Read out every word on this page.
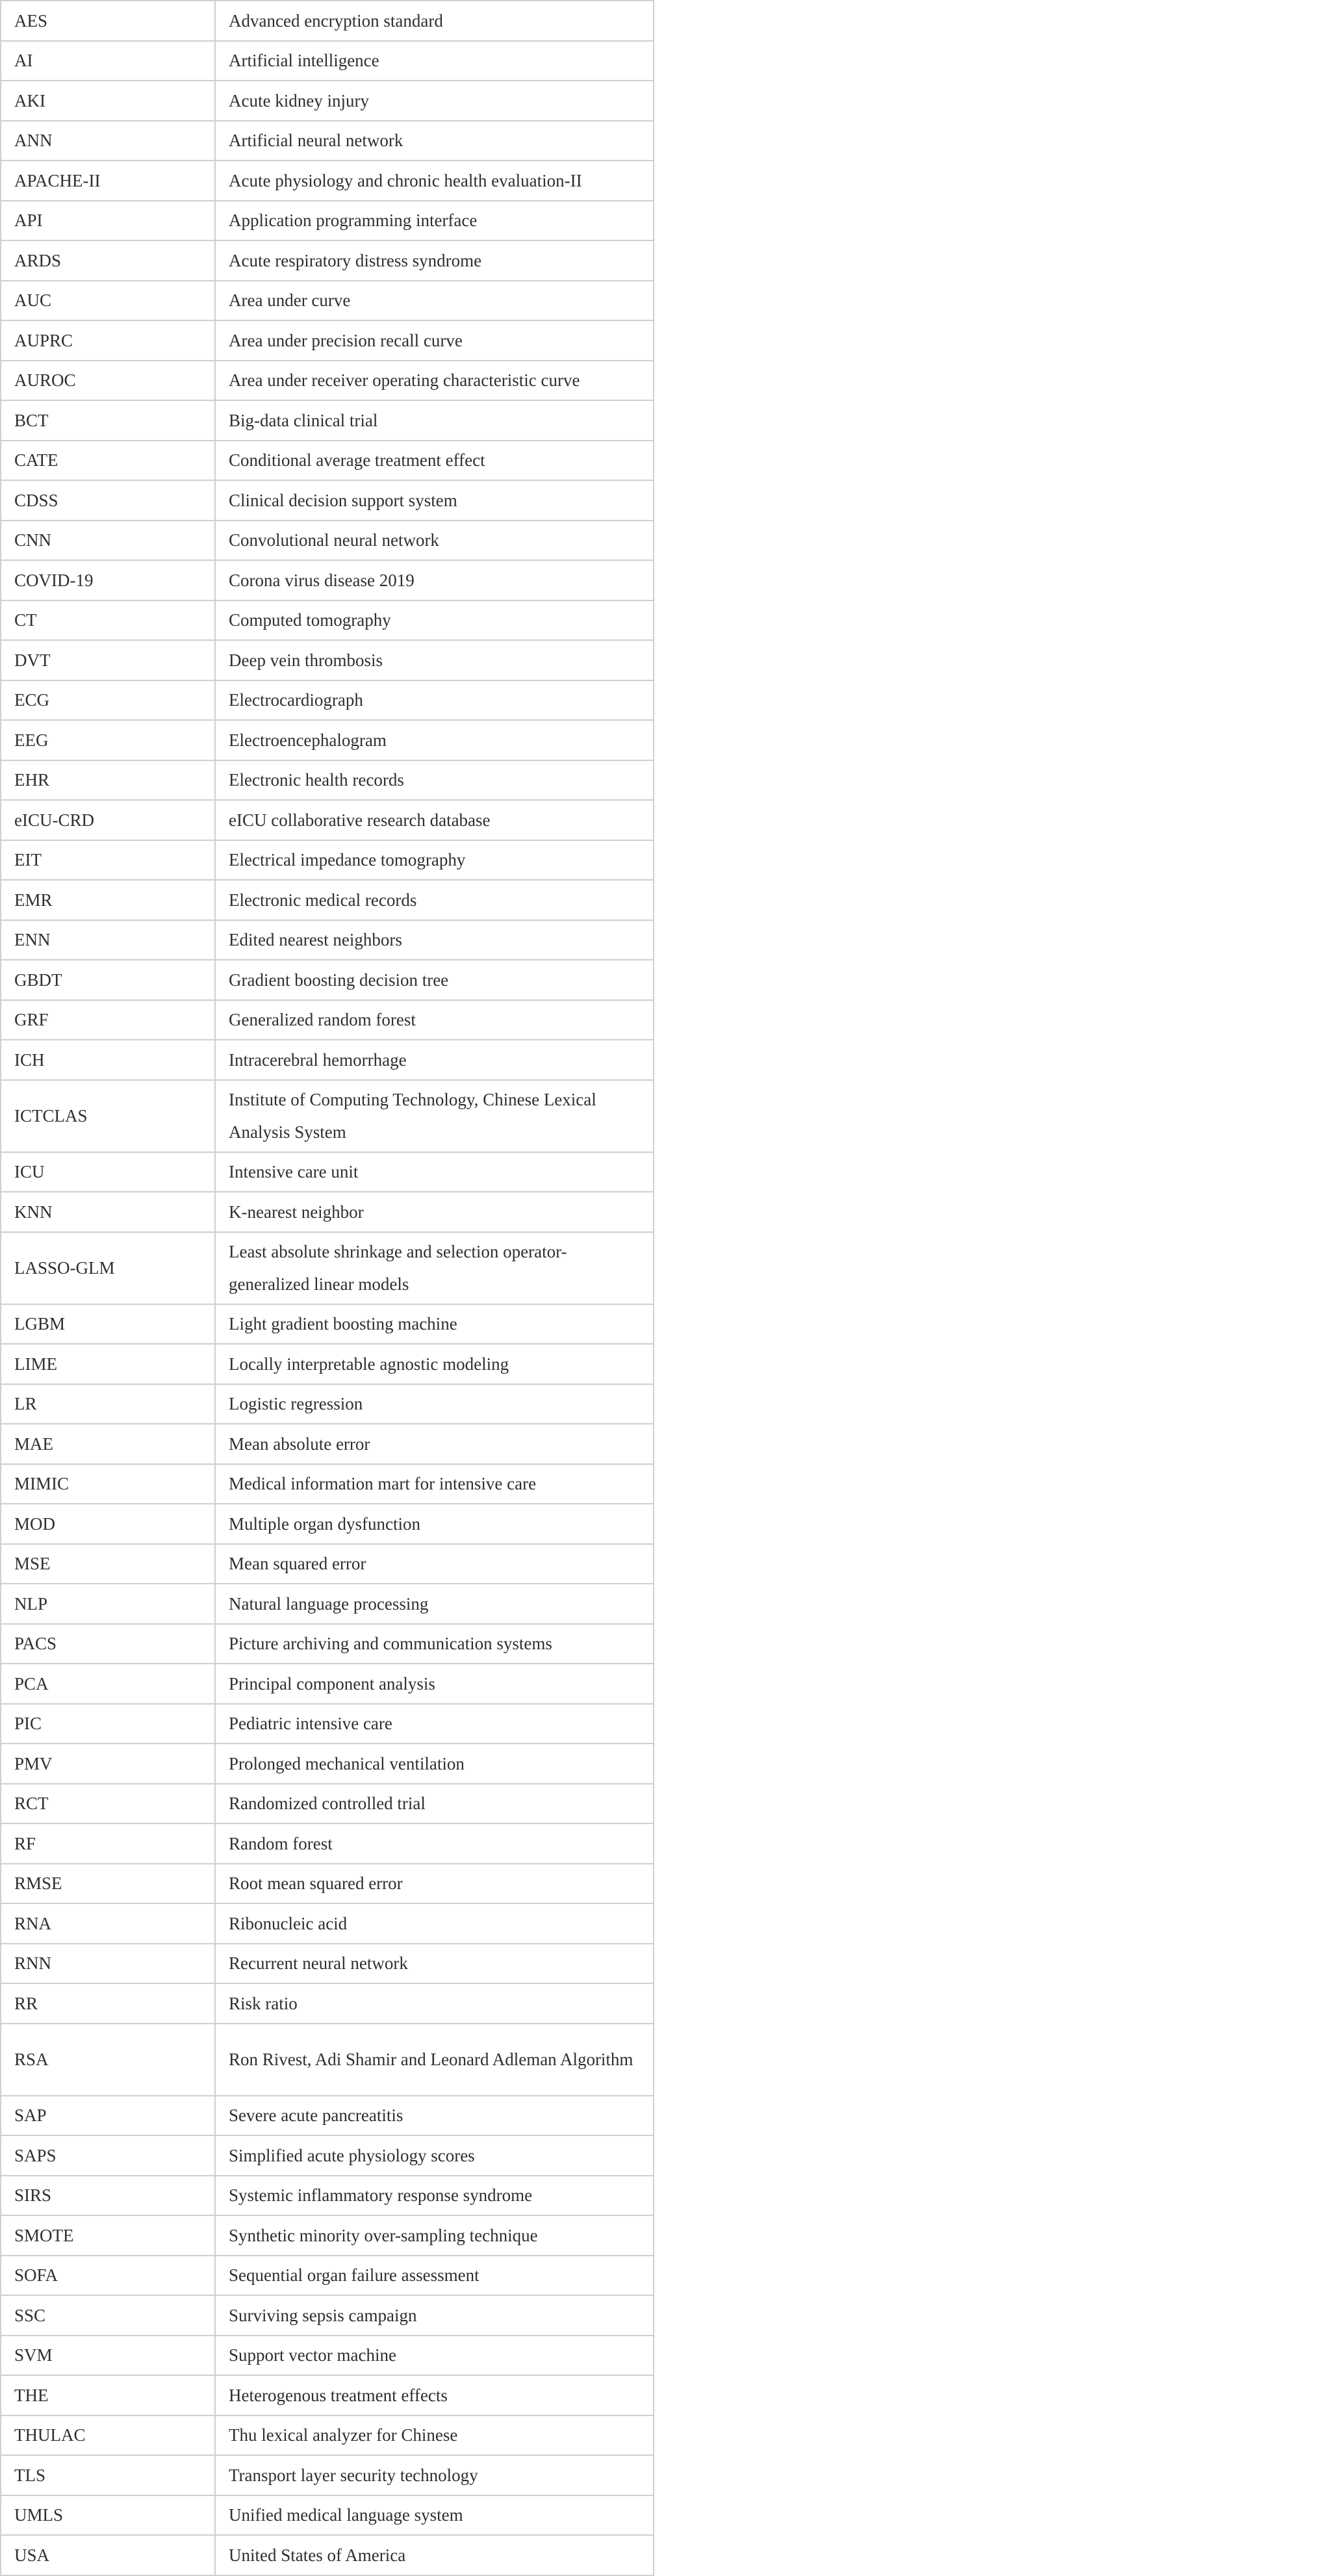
AES	Advanced encryption standard
AI	Artificial intelligence
AKI	Acute kidney injury
ANN	Artificial neural network
APACHE-II	Acute physiology and chronic health evaluation-II
API	Application programming interface
ARDS	Acute respiratory distress syndrome
AUC	Area under curve
AUPRC	Area under precision recall curve
AUROC	Area under receiver operating characteristic curve
BCT	Big-data clinical trial
CATE	Conditional average treatment effect
CDSS	Clinical decision support system
CNN	Convolutional neural network
COVID-19	Corona virus disease 2019
CT	Computed tomography
DVT	Deep vein thrombosis
ECG	Electrocardiograph
EEG	Electroencephalogram
EHR	Electronic health records
eICU-CRD	eICU collaborative research database
EIT	Electrical impedance tomography
EMR	Electronic medical records
ENN	Edited nearest neighbors
GBDT	Gradient boosting decision tree
GRF	Generalized random forest
ICH	Intracerebral hemorrhage
ICTCLAS	Institute of Computing Technology, Chinese Lexical Analysis System
ICU	Intensive care unit
KNN	K-nearest neighbor
LASSO-GLM	Least absolute shrinkage and selection operator-generalized linear models
LGBM	Light gradient boosting machine
LIME	Locally interpretable agnostic modeling
LR	Logistic regression
MAE	Mean absolute error
MIMIC	Medical information mart for intensive care
MOD	Multiple organ dysfunction
MSE	Mean squared error
NLP	Natural language processing
PACS	Picture archiving and communication systems
PCA	Principal component analysis
PIC	Pediatric intensive care
PMV	Prolonged mechanical ventilation
RCT	Randomized controlled trial
RF	Random forest
RMSE	Root mean squared error
RNA	Ribonucleic acid
RNN	Recurrent neural network
RR	Risk ratio
RSA	Ron Rivest, Adi Shamir and Leonard Adleman Algorithm
SAP	Severe acute pancreatitis
SAPS	Simplified acute physiology scores
SIRS	Systemic inflammatory response syndrome
SMOTE	Synthetic minority over-sampling technique
SOFA	Sequential organ failure assessment
SSC	Surviving sepsis campaign
SVM	Support vector machine
THE	Heterogenous treatment effects
THULAC	Thu lexical analyzer for Chinese
TLS	Transport layer security technology
UMLS	Unified medical language system
USA	United States of America
